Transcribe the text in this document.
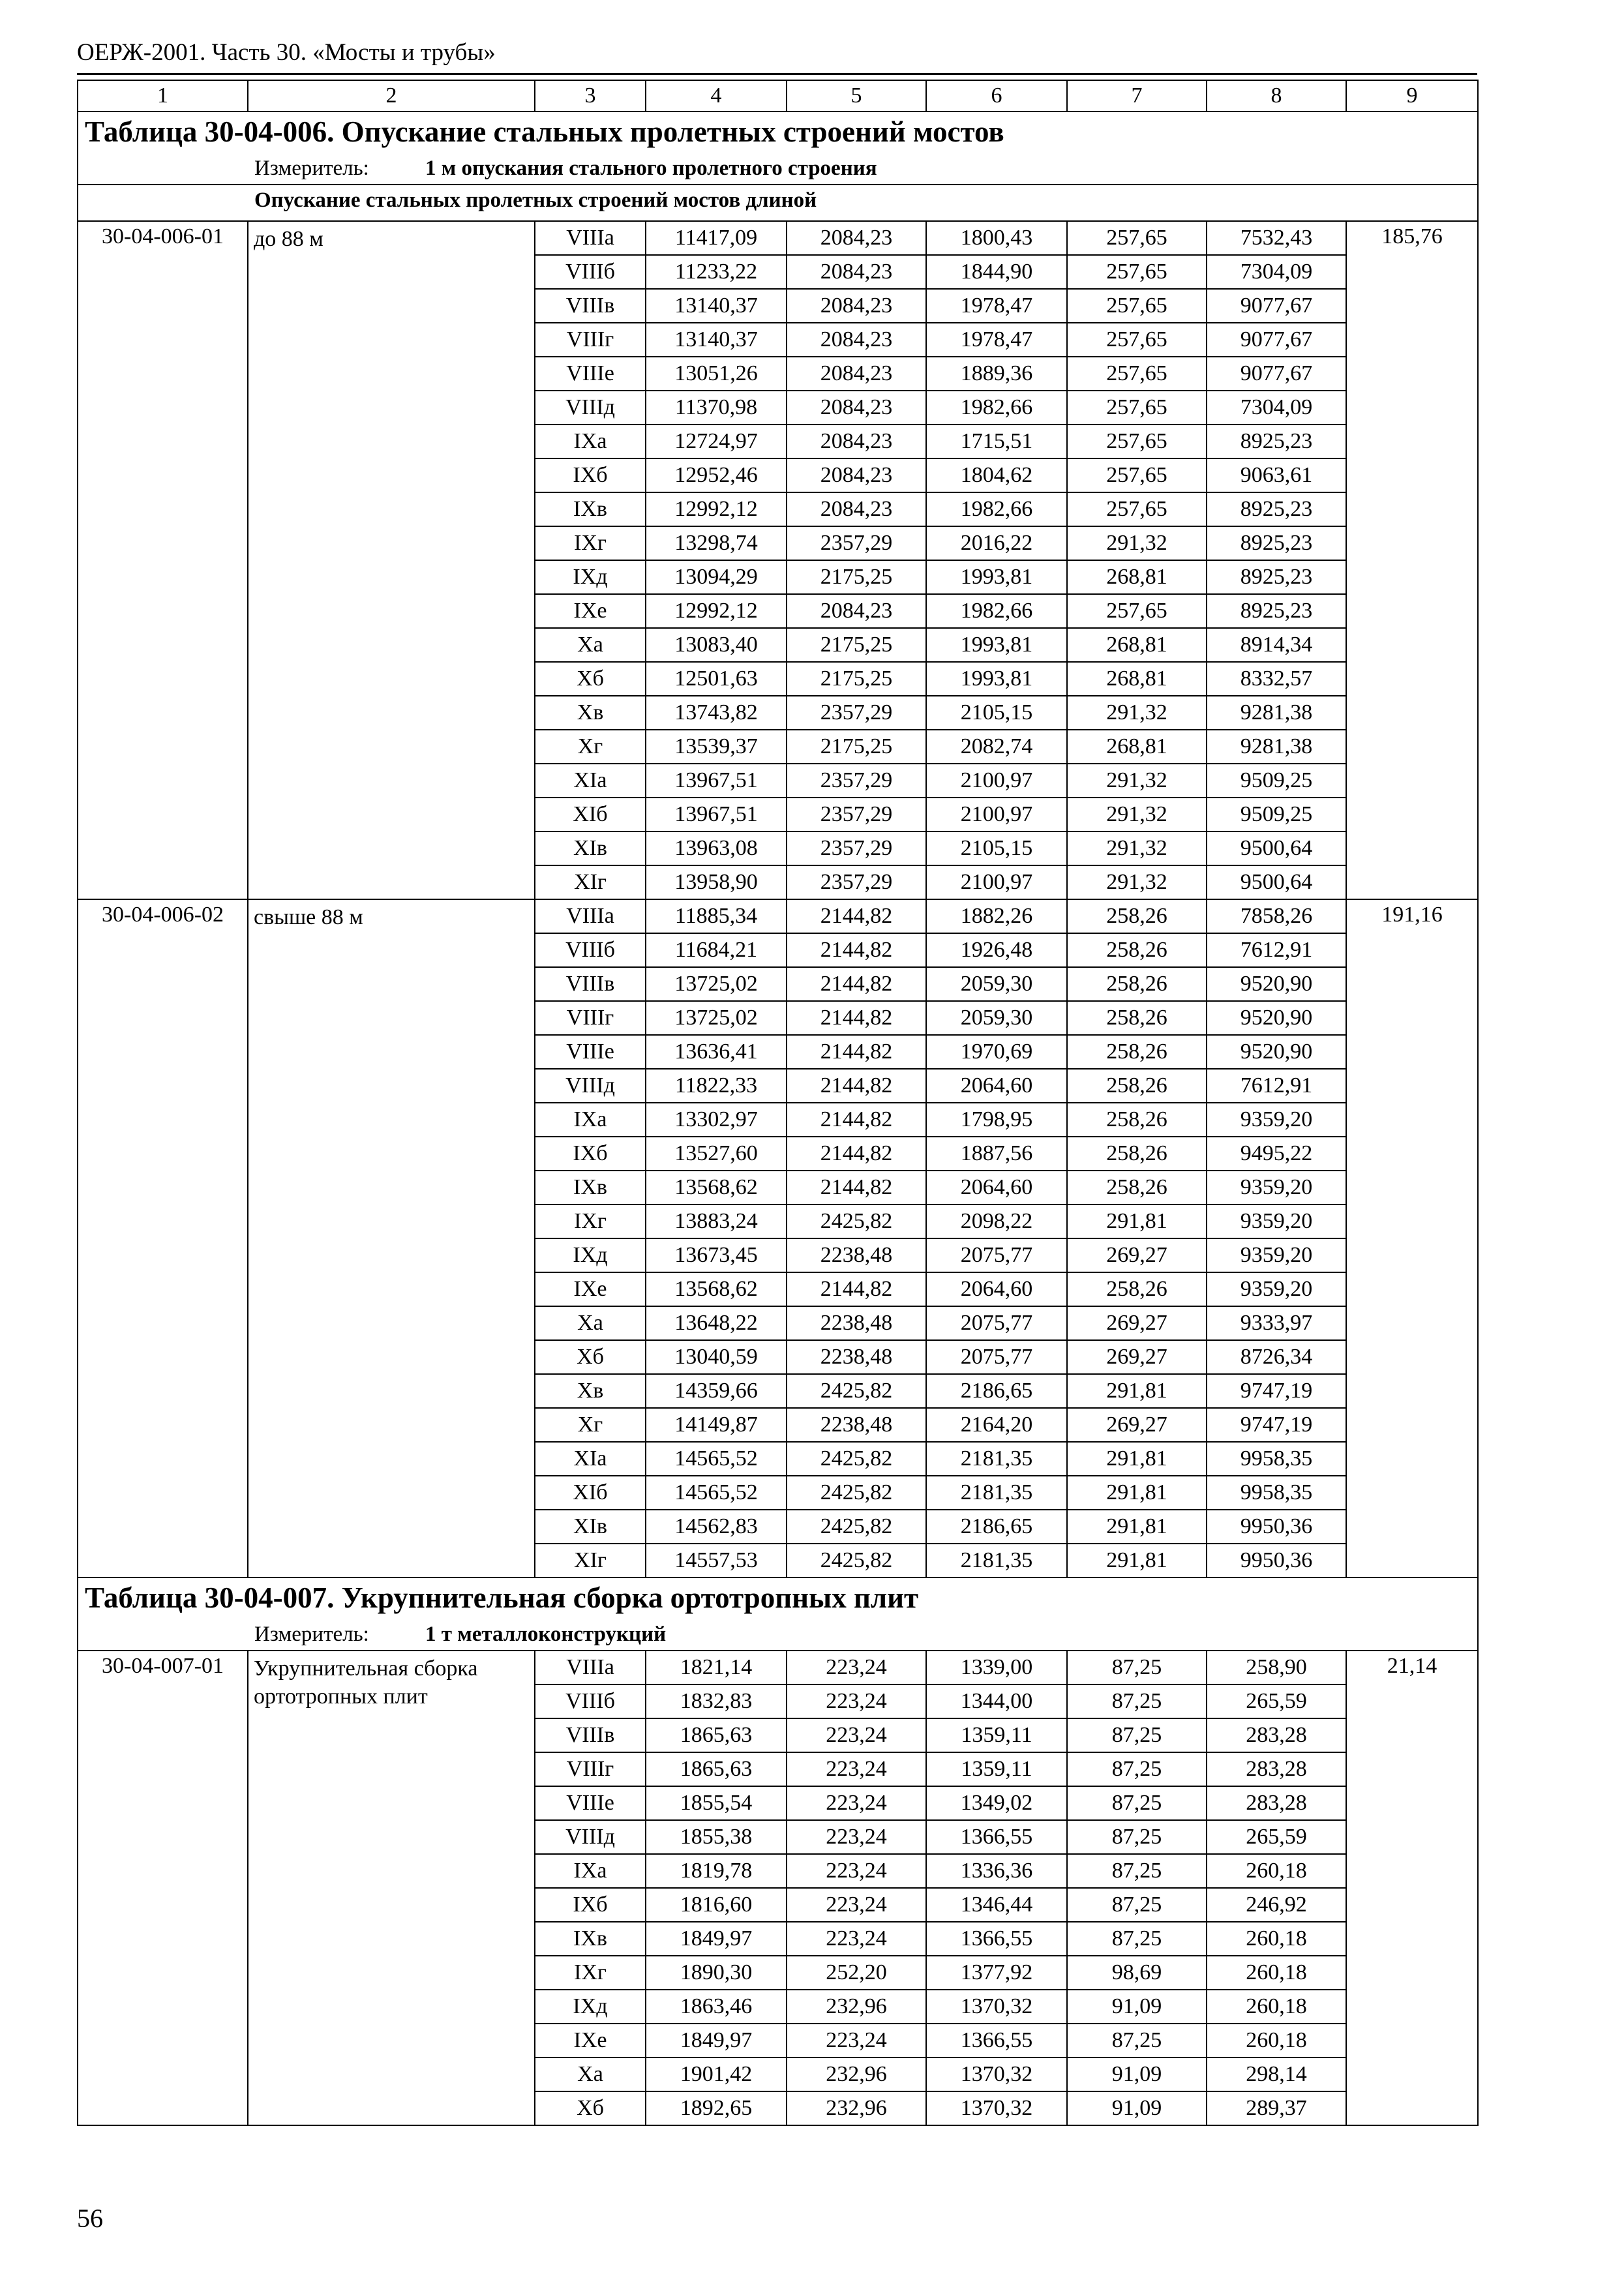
ОЕРЖ-2001. Часть 30. «Мосты и трубы»
1	2	3	4	5	6	7	8	9
Таблица 30-04-006. Опускание стальных пролетных строений мостов								
Измеритель: 1 м опускания стального пролетного строения								
Опускание стальных пролетных строений мостов длиной								
30-04-006-01	до 88 м	VIIIа	11417,09	2084,23	1800,43	257,65	7532,43	185,76
		VIIIб	11233,22	2084,23	1844,90	257,65	7304,09	
		VIIIв	13140,37	2084,23	1978,47	257,65	9077,67	
		VIIIг	13140,37	2084,23	1978,47	257,65	9077,67	
		VIIIе	13051,26	2084,23	1889,36	257,65	9077,67	
		VIIIд	11370,98	2084,23	1982,66	257,65	7304,09	
		IXа	12724,97	2084,23	1715,51	257,65	8925,23	
		IXб	12952,46	2084,23	1804,62	257,65	9063,61	
		IXв	12992,12	2084,23	1982,66	257,65	8925,23	
		IXг	13298,74	2357,29	2016,22	291,32	8925,23	
		IXд	13094,29	2175,25	1993,81	268,81	8925,23	
		IXе	12992,12	2084,23	1982,66	257,65	8925,23	
		Xа	13083,40	2175,25	1993,81	268,81	8914,34	
		Xб	12501,63	2175,25	1993,81	268,81	8332,57	
		Xв	13743,82	2357,29	2105,15	291,32	9281,38	
		Xг	13539,37	2175,25	2082,74	268,81	9281,38	
		XIа	13967,51	2357,29	2100,97	291,32	9509,25	
		XIб	13967,51	2357,29	2100,97	291,32	9509,25	
		XIв	13963,08	2357,29	2105,15	291,32	9500,64	
		XIг	13958,90	2357,29	2100,97	291,32	9500,64	
30-04-006-02	свыше 88 м	VIIIа	11885,34	2144,82	1882,26	258,26	7858,26	191,16
		VIIIб	11684,21	2144,82	1926,48	258,26	7612,91	
		VIIIв	13725,02	2144,82	2059,30	258,26	9520,90	
		VIIIг	13725,02	2144,82	2059,30	258,26	9520,90	
		VIIIе	13636,41	2144,82	1970,69	258,26	9520,90	
		VIIIд	11822,33	2144,82	2064,60	258,26	7612,91	
		IXа	13302,97	2144,82	1798,95	258,26	9359,20	
		IXб	13527,60	2144,82	1887,56	258,26	9495,22	
		IXв	13568,62	2144,82	2064,60	258,26	9359,20	
		IXг	13883,24	2425,82	2098,22	291,81	9359,20	
		IXд	13673,45	2238,48	2075,77	269,27	9359,20	
		IXе	13568,62	2144,82	2064,60	258,26	9359,20	
		Xа	13648,22	2238,48	2075,77	269,27	9333,97	
		Xб	13040,59	2238,48	2075,77	269,27	8726,34	
		Xв	14359,66	2425,82	2186,65	291,81	9747,19	
		Xг	14149,87	2238,48	2164,20	269,27	9747,19	
		XIа	14565,52	2425,82	2181,35	291,81	9958,35	
		XIб	14565,52	2425,82	2181,35	291,81	9958,35	
		XIв	14562,83	2425,82	2186,65	291,81	9950,36	
		XIг	14557,53	2425,82	2181,35	291,81	9950,36	
Таблица 30-04-007. Укрупнительная сборка ортотропных плит								
Измеритель: 1 т металлоконструкций								
30-04-007-01	Укрупнительная сборка ортотропных плит	VIIIа	1821,14	223,24	1339,00	87,25	258,90	21,14
		VIIIб	1832,83	223,24	1344,00	87,25	265,59	
		VIIIв	1865,63	223,24	1359,11	87,25	283,28	
		VIIIг	1865,63	223,24	1359,11	87,25	283,28	
		VIIIе	1855,54	223,24	1349,02	87,25	283,28	
		VIIIд	1855,38	223,24	1366,55	87,25	265,59	
		IXа	1819,78	223,24	1336,36	87,25	260,18	
		IXб	1816,60	223,24	1346,44	87,25	246,92	
		IXв	1849,97	223,24	1366,55	87,25	260,18	
		IXг	1890,30	252,20	1377,92	98,69	260,18	
		IXд	1863,46	232,96	1370,32	91,09	260,18	
		IXе	1849,97	223,24	1366,55	87,25	260,18	
		Xа	1901,42	232,96	1370,32	91,09	298,14	
		Xб	1892,65	232,96	1370,32	91,09	289,37	
56
